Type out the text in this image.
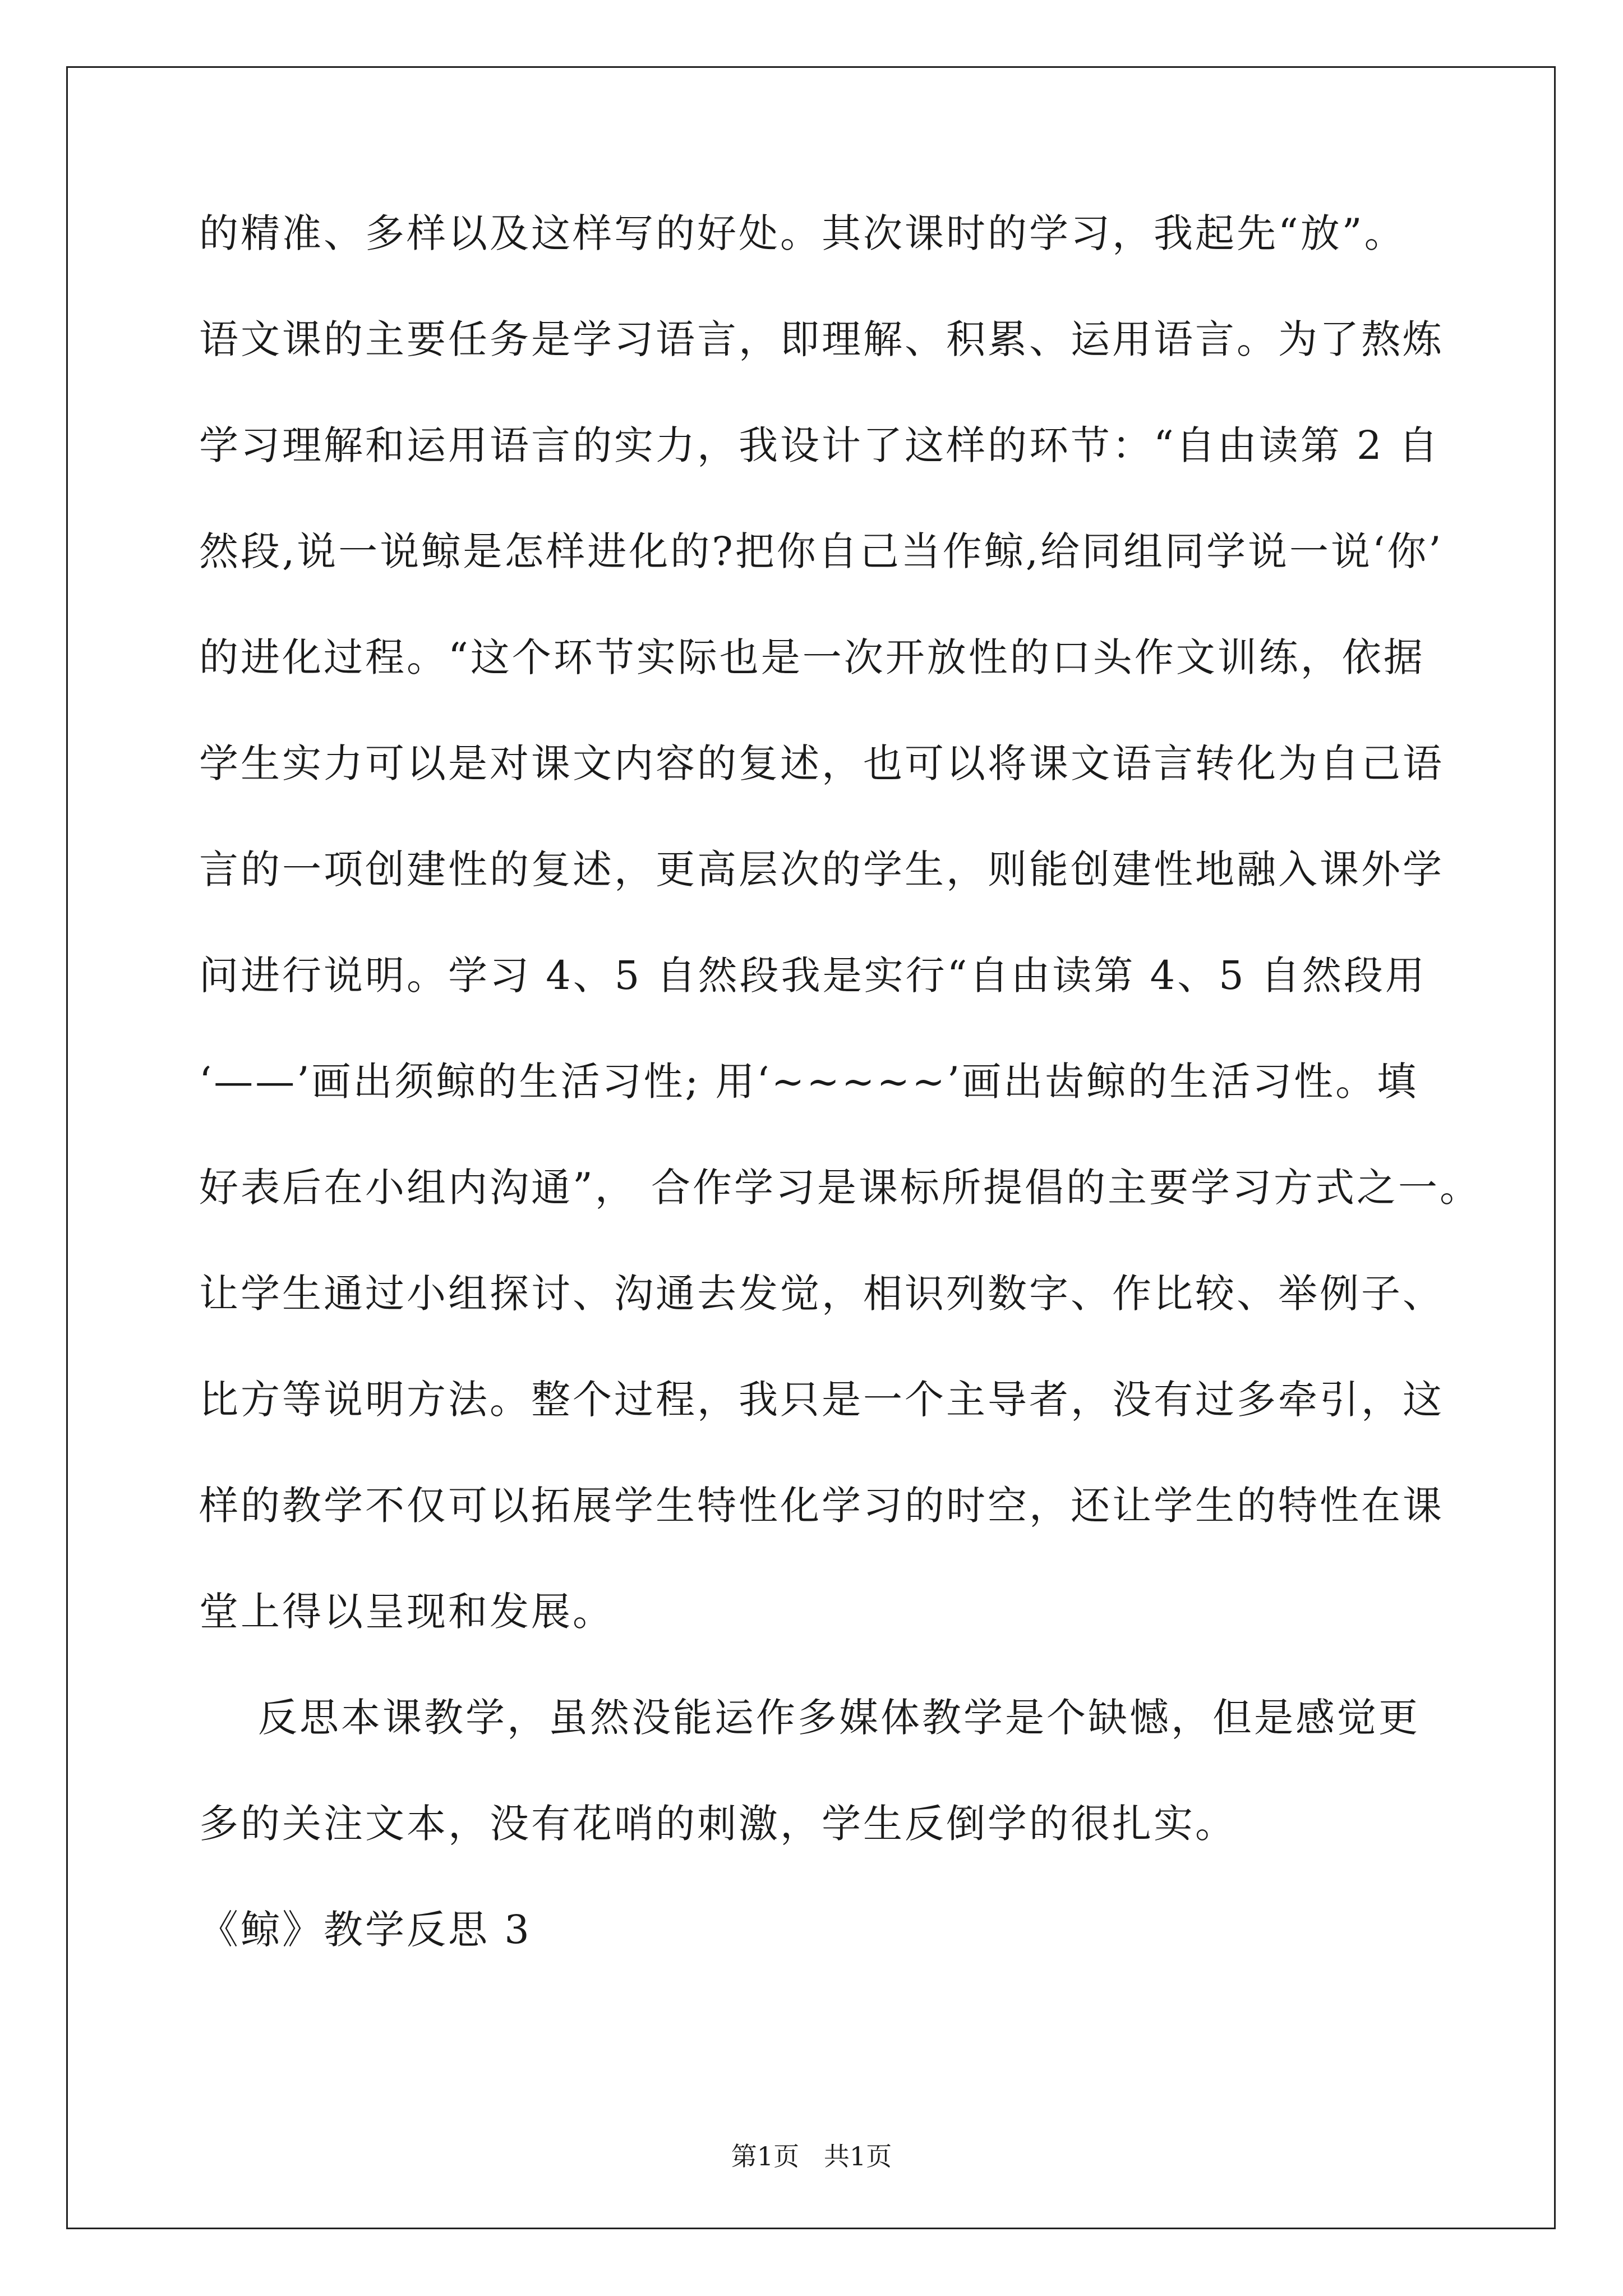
的精准、多样以及这样写的好处。其次课时的学习，我起先“放”。
语文课的主要任务是学习语言，即理解、积累、运用语言。为了熬炼
学习理解和运用语言的实力，我设计了这样的环节：“自由读第 2 自
然段,说一说鲸是怎样进化的?把你自己当作鲸,给同组同学说一说‘你’
的进化过程。“这个环节实际也是一次开放性的口头作文训练，依据
学生实力可以是对课文内容的复述，也可以将课文语言转化为自己语
言的一项创建性的复述，更高层次的学生，则能创建性地融入课外学
问进行说明。学习 4、5 自然段我是实行“自由读第 4、5 自然段用
‘——’画出须鲸的生活习性; 用‘~~~~~’画出齿鲸的生活习性。填
好表后在小组内沟通”， 合作学习是课标所提倡的主要学习方式之一。
让学生通过小组探讨、沟通去发觉，相识列数字、作比较、举例子、
比方等说明方法。整个过程，我只是一个主导者，没有过多牵引，这
样的教学不仅可以拓展学生特性化学习的时空，还让学生的特性在课
堂上得以呈现和发展。
反思本课教学，虽然没能运作多媒体教学是个缺憾，但是感觉更
多的关注文本，没有花哨的刺激，学生反倒学的很扎实。
《鲸》教学反思 3
第1页   共1页
